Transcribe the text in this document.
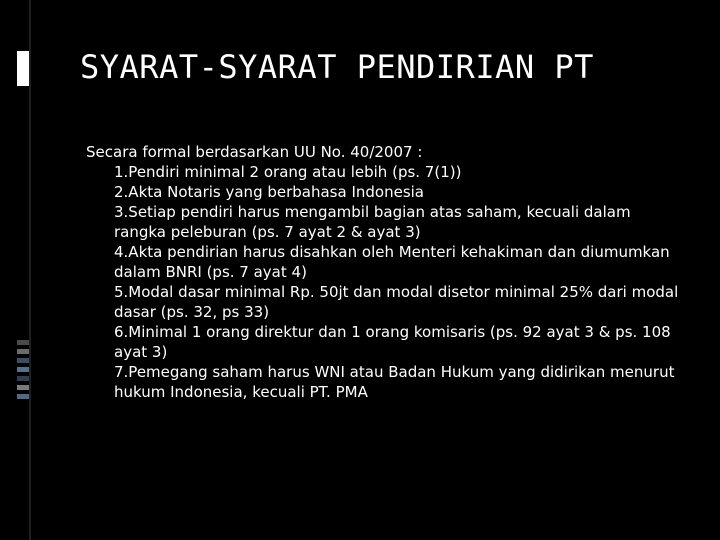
SYARAT-SYARAT PENDIRIAN PT

Secara formal berdasarkan UU No. 40/2007 :

1.Pendiri minimal 2 orang atau lebih (ps. 7(1))
2.Akta Notaris yang berbahasa Indonesia
3.Setiap pendiri harus mengambil bagian atas saham, kecuali dalam rangka peleburan (ps. 7 ayat 2 & ayat 3)
4.Akta pendirian harus disahkan oleh Menteri kehakiman dan diumumkan dalam BNRI (ps. 7 ayat 4)
5.Modal dasar minimal Rp. 50jt dan modal disetor minimal 25% dari modal dasar (ps. 32, ps 33)
6.Minimal 1 orang direktur dan 1 orang komisaris (ps. 92 ayat 3 & ps. 108 ayat 3)
7.Pemegang saham harus WNI atau Badan Hukum yang didirikan menurut hukum Indonesia, kecuali PT. PMA
